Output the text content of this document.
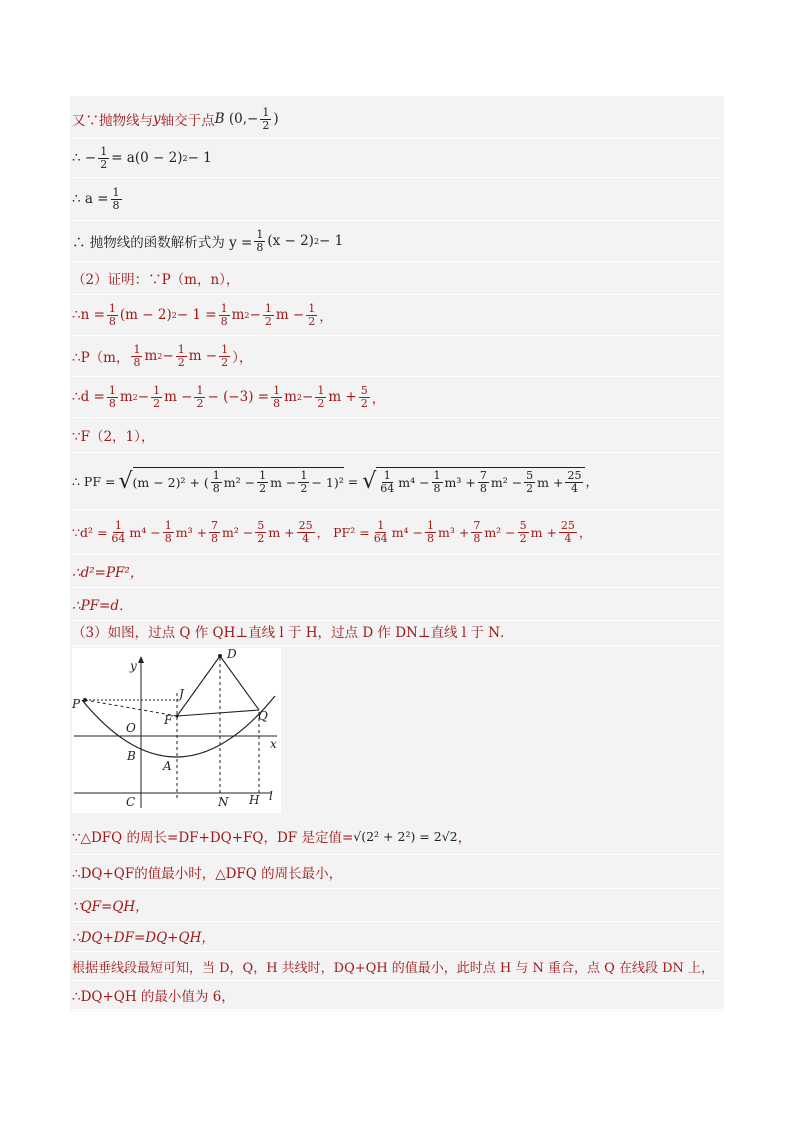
又∵抛物线与 y 轴交于点 B ($0,- \frac{1}{2}$ )
∴ − $\frac{1}{2} = a(0 - 2) 2 - 1$
∴ $a = \frac{1}{8}$
∴ 抛物线的函数解析式为 $y = \frac{1}{8} (x - 2) 2 - 1$
（2）证明：∵P（m，n），
∴n = $\frac{1}{8} (m - 2) 2 - 1 = \frac{1}{8}$ m $2 - \frac{1}{2}$ $m - \frac{1}{2}$ ，
∴P（m， $\frac{1}{8}$ m $2 - \frac{1}{2}$ $m - \frac{1}{2}$ ），
∴d = $\frac{1}{8}$ m $2 - \frac{1}{2}$ $m - \frac{1}{2} - (-3) = \frac{1}{8}$ m $2 - \frac{1}{2}$ $m + \frac{5}{2}$ ，
∵F（2，1），
∴ PF = √ (m − 2)² + ( $\frac{1}{8} m^2 - \frac{1}{2}$ $m - \frac{1}{2} - 1)^2$ = √ $\frac{1}{64} m^4 - \frac{1}{8} m^3 + \frac{7}{8} m^2 - \frac{5}{2}$ $m + \frac{25}{4}$ ，
∵d² = $\frac{1}{64} m^4 - \frac{1}{8} m^3 + \frac{7}{8} m^2 - \frac{5}{2}$ $m + \frac{25}{4}$ ， $PF^2 = \frac{1}{64} m^4 - \frac{1}{8} m^3 + \frac{7}{8} m^2 - \frac{5}{2}$ $m + \frac{25}{4}$ ，
∴d²=PF²，
∴PF=d．
（3）如图，过点 Q 作 QH⊥直线 l 于 H，过点 D 作 DN⊥直线 l 于 N．
y
x
P
O
B
A
C
J
F
D
Q
N H l
∵△DFQ 的周长=DF+DQ+FQ，DF 是定值= √(2² + 2²) = 2√2 ，
∴DQ+QF的值最小时，△DFQ 的周长最小，
∵QF=QH，
∴DQ+DF=DQ+QH，
根据垂线段最短可知，当 D，Q，H 共线时，DQ+QH 的值最小，此时点 H 与 N 重合，点 Q 在线段 DN 上，
∴DQ+QH 的最小值为 6，
